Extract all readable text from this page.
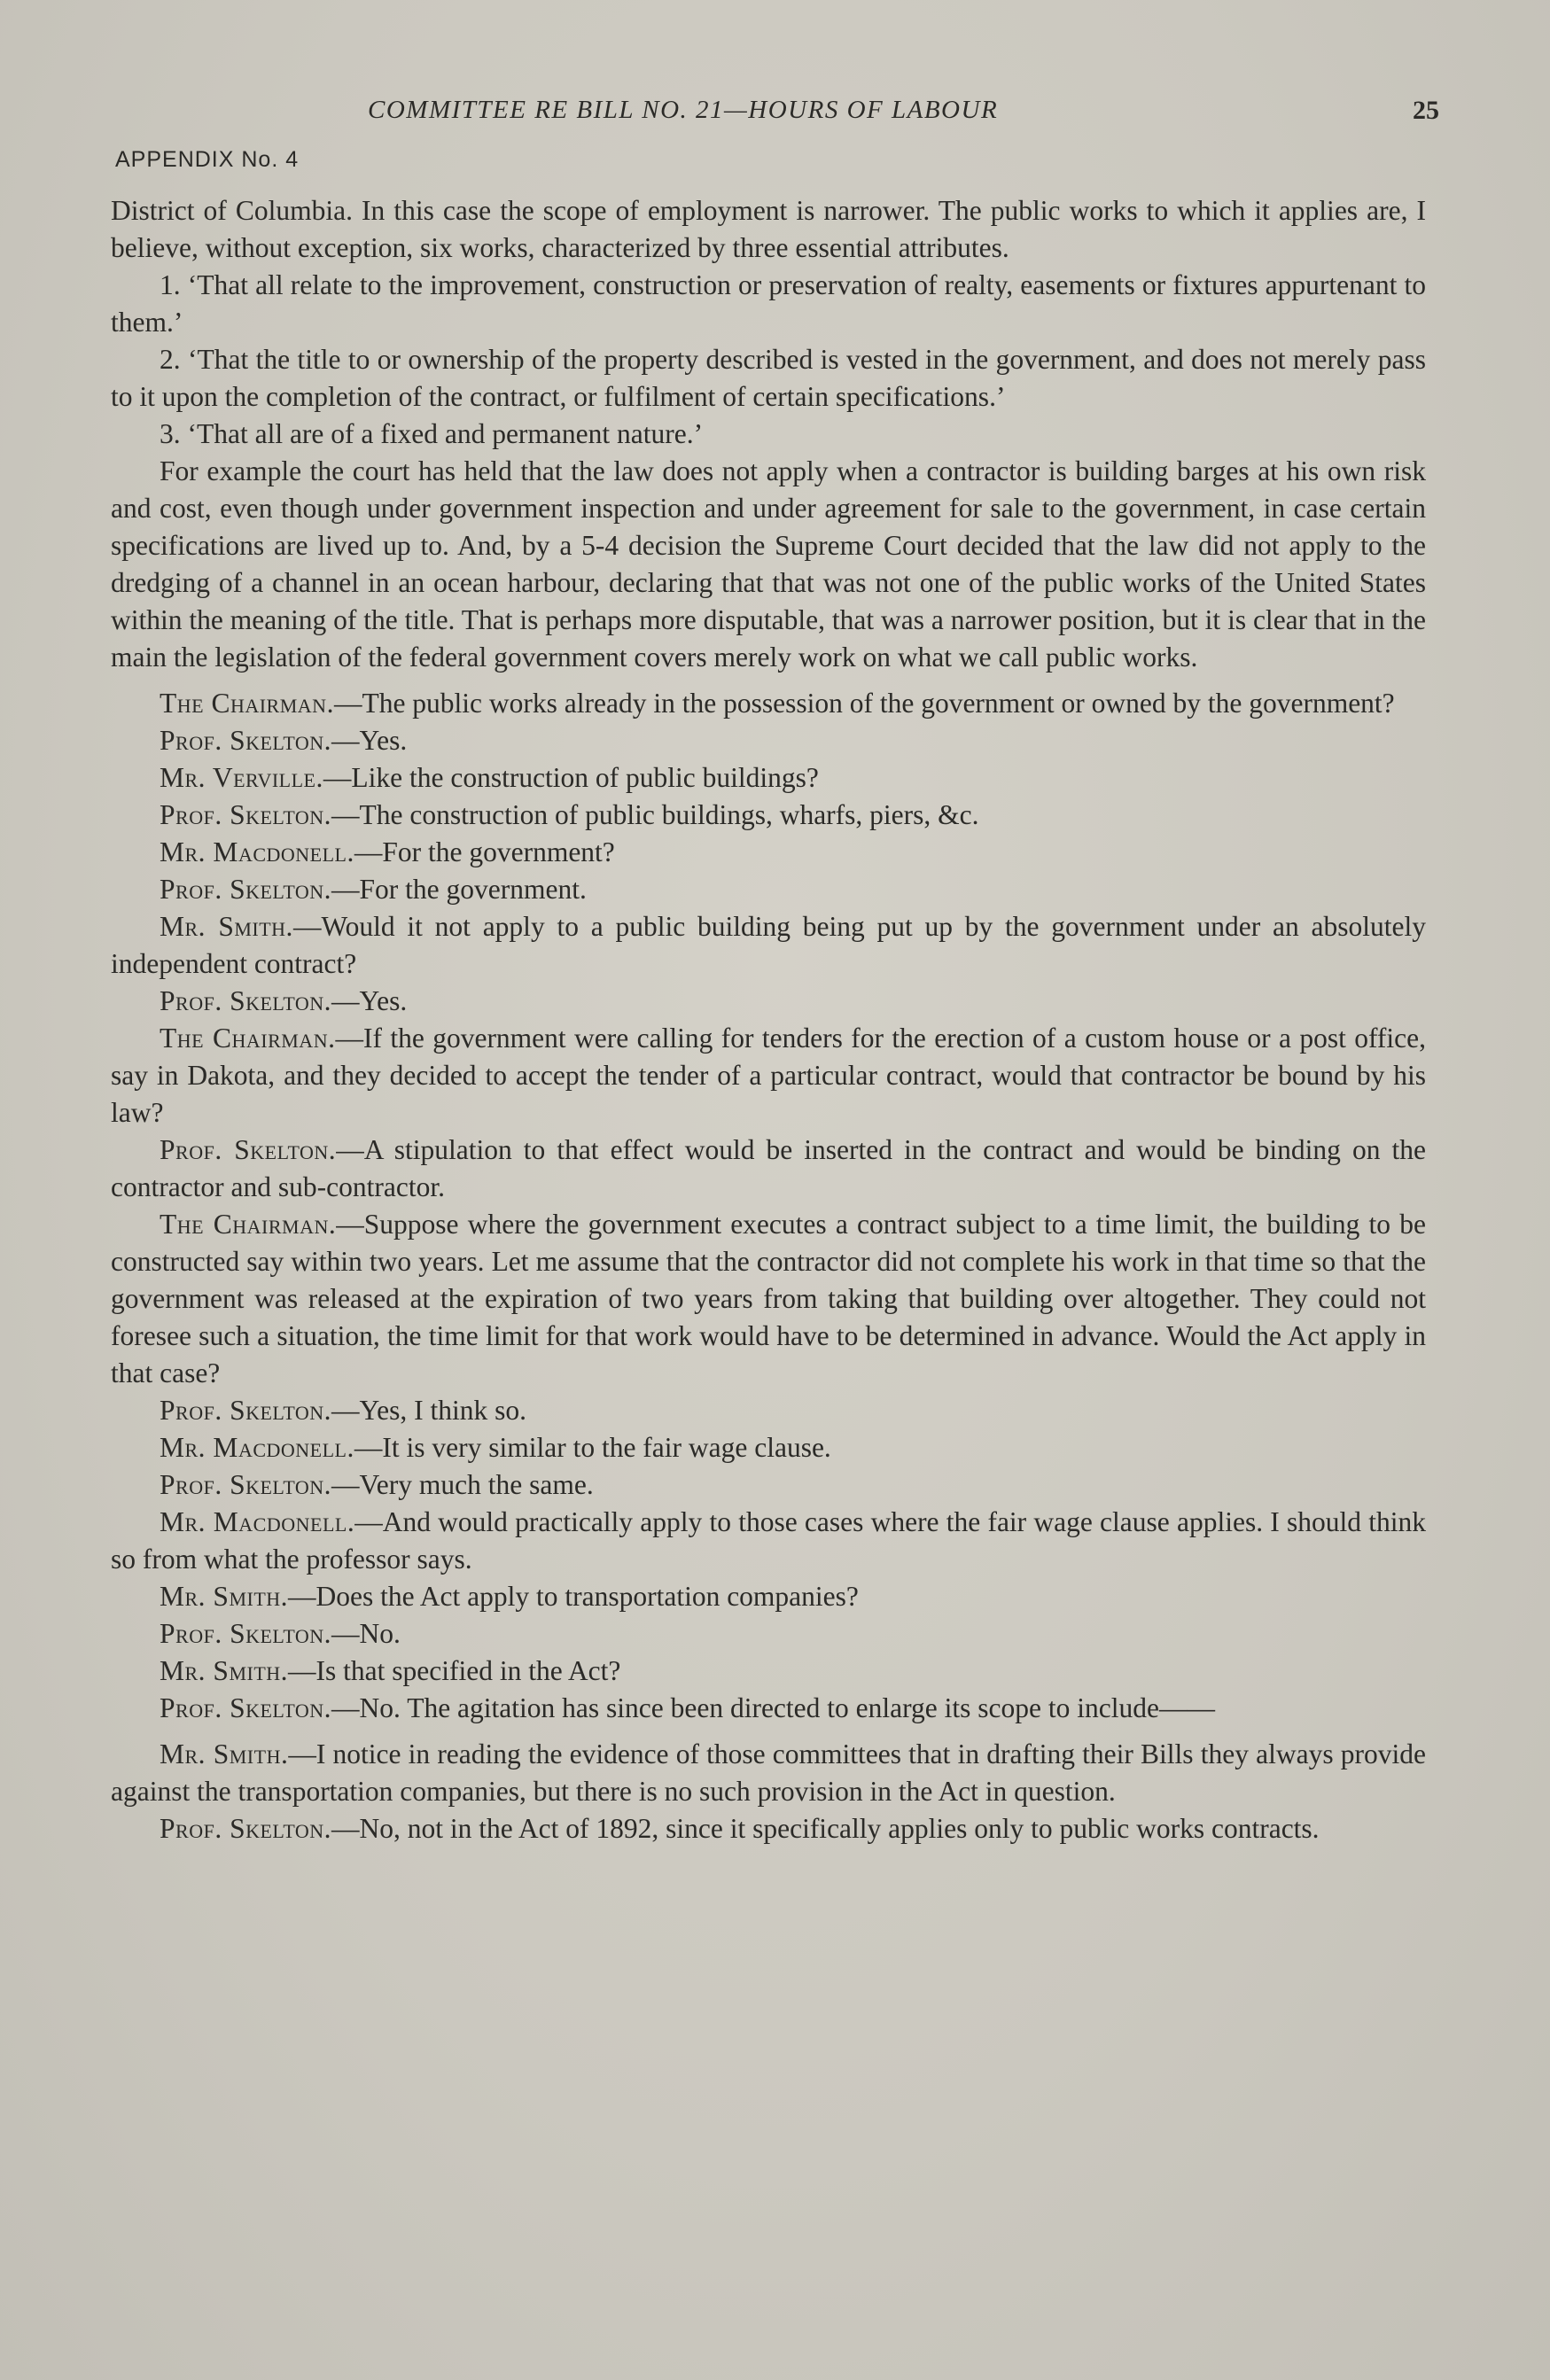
COMMITTEE RE BILL NO. 21—HOURS OF LABOUR	25
APPENDIX No. 4

District of Columbia. In this case the scope of employment is narrower. The public works to which it applies are, I believe, without exception, six works, characterized by three essential attributes.

1. ‘That all relate to the improvement, construction or preservation of realty, easements or fixtures appurtenant to them.’

2. ‘That the title to or ownership of the property described is vested in the government, and does not merely pass to it upon the completion of the contract, or fulfilment of certain specifications.’

3. ‘That all are of a fixed and permanent nature.’

For example the court has held that the law does not apply when a contractor is building barges at his own risk and cost, even though under government inspection and under agreement for sale to the government, in case certain specifications are lived up to. And, by a 5-4 decision the Supreme Court decided that the law did not apply to the dredging of a channel in an ocean harbour, declaring that that was not one of the public works of the United States within the meaning of the title. That is perhaps more disputable, that was a narrower position, but it is clear that in the main the legislation of the federal government covers merely work on what we call public works.

The Chairman.—The public works already in the possession of the government or owned by the government?

Prof. Skelton.—Yes.

Mr. Verville.—Like the construction of public buildings?

Prof. Skelton.—The construction of public buildings, wharfs, piers, &c.

Mr. Macdonell.—For the government?

Prof. Skelton.—For the government.

Mr. Smith.—Would it not apply to a public building being put up by the government under an absolutely independent contract?

Prof. Skelton.—Yes.

The Chairman.—If the government were calling for tenders for the erection of a custom house or a post office, say in Dakota, and they decided to accept the tender of a particular contract, would that contractor be bound by his law?

Prof. Skelton.—A stipulation to that effect would be inserted in the contract and would be binding on the contractor and sub-contractor.

The Chairman.—Suppose where the government executes a contract subject to a time limit, the building to be constructed say within two years. Let me assume that the contractor did not complete his work in that time so that the government was released at the expiration of two years from taking that building over altogether. They could not foresee such a situation, the time limit for that work would have to be determined in advance. Would the Act apply in that case?

Prof. Skelton.—Yes, I think so.

Mr. Macdonell.—It is very similar to the fair wage clause.

Prof. Skelton.—Very much the same.

Mr. Macdonell.—And would practically apply to those cases where the fair wage clause applies. I should think so from what the professor says.

Mr. Smith.—Does the Act apply to transportation companies?

Prof. Skelton.—No.

Mr. Smith.—Is that specified in the Act?

Prof. Skelton.—No. The agitation has since been directed to enlarge its scope to include——

Mr. Smith.—I notice in reading the evidence of those committees that in drafting their Bills they always provide against the transportation companies, but there is no such provision in the Act in question.

Prof. Skelton.—No, not in the Act of 1892, since it specifically applies only to public works contracts.
